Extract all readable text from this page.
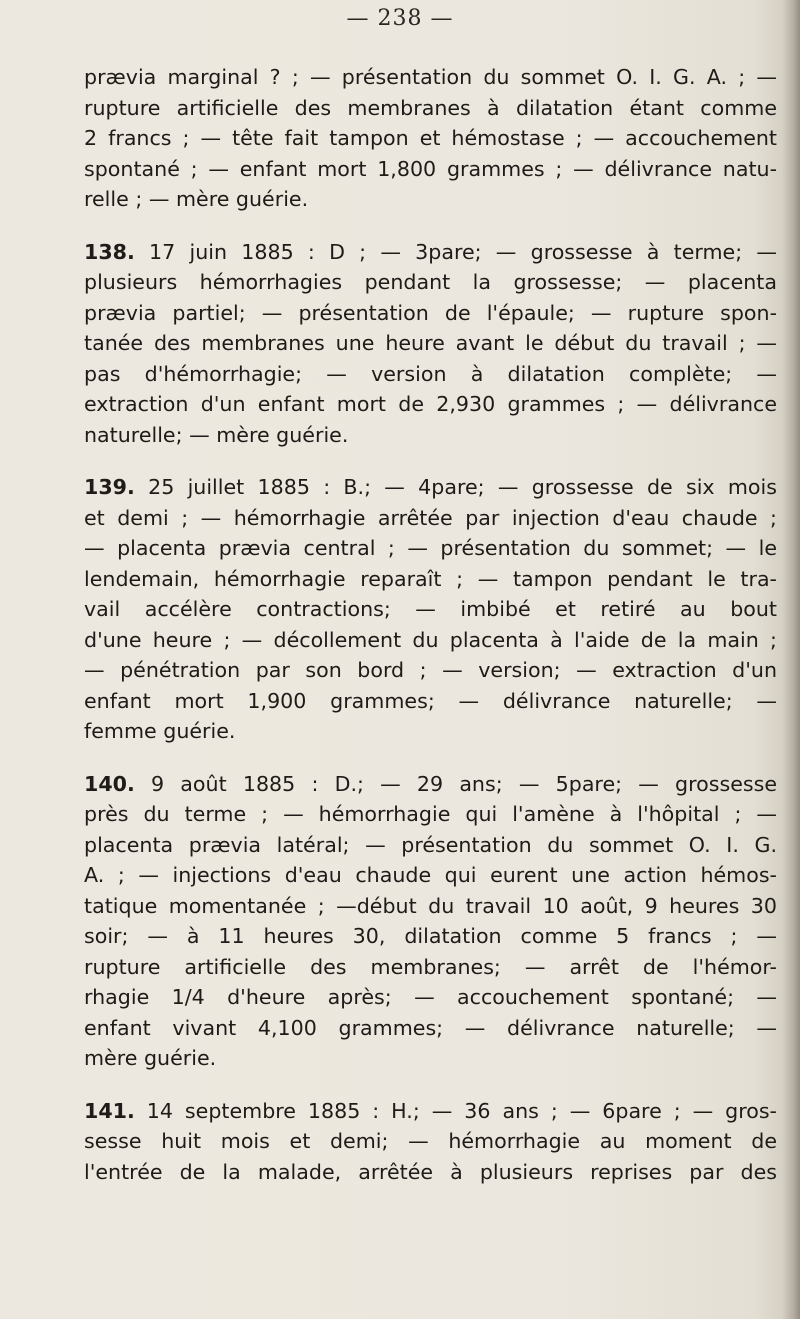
— 238 —
prævia marginal ? ; — présentation du sommet O. I. G. A. ; —
rupture artificielle des membranes à dilatation étant comme
2 francs ; — tête fait tampon et hémostase ; — accouchement
spontané ; — enfant mort 1,800 grammes ; — délivrance natu-
relle ; — mère guérie.
138. 17 juin 1885 : D ; — 3pare; — grossesse à terme; —
plusieurs hémorrhagies pendant la grossesse; — placenta
prævia partiel; — présentation de l'épaule; — rupture spon-
tanée des membranes une heure avant le début du travail ; —
pas d'hémorrhagie; — version à dilatation complète; —
extraction d'un enfant mort de 2,930 grammes ; — délivrance
naturelle; — mère guérie.
139. 25 juillet 1885 : B.; — 4pare; — grossesse de six mois
et demi ; — hémorrhagie arrêtée par injection d'eau chaude ;
— placenta prævia central ; — présentation du sommet; — le
lendemain, hémorrhagie reparaît ; — tampon pendant le tra-
vail accélère contractions; — imbibé et retiré au bout
d'une heure ; — décollement du placenta à l'aide de la main ;
— pénétration par son bord ; — version; — extraction d'un
enfant mort 1,900 grammes; — délivrance naturelle; —
femme guérie.
140. 9 août 1885 : D.; — 29 ans; — 5pare; — grossesse
près du terme ; — hémorrhagie qui l'amène à l'hôpital ; —
placenta prævia latéral; — présentation du sommet O. I. G.
A. ; — injections d'eau chaude qui eurent une action hémos-
tatique momentanée ; —début du travail 10 août, 9 heures 30
soir; — à 11 heures 30, dilatation comme 5 francs ; —
rupture artificielle des membranes; — arrêt de l'hémor-
rhagie 1/4 d'heure après; — accouchement spontané; —
enfant vivant 4,100 grammes; — délivrance naturelle; —
mère guérie.
141. 14 septembre 1885 : H.; — 36 ans ; — 6pare ; — gros-
sesse huit mois et demi; — hémorrhagie au moment de
l'entrée de la malade, arrêtée à plusieurs reprises par des
